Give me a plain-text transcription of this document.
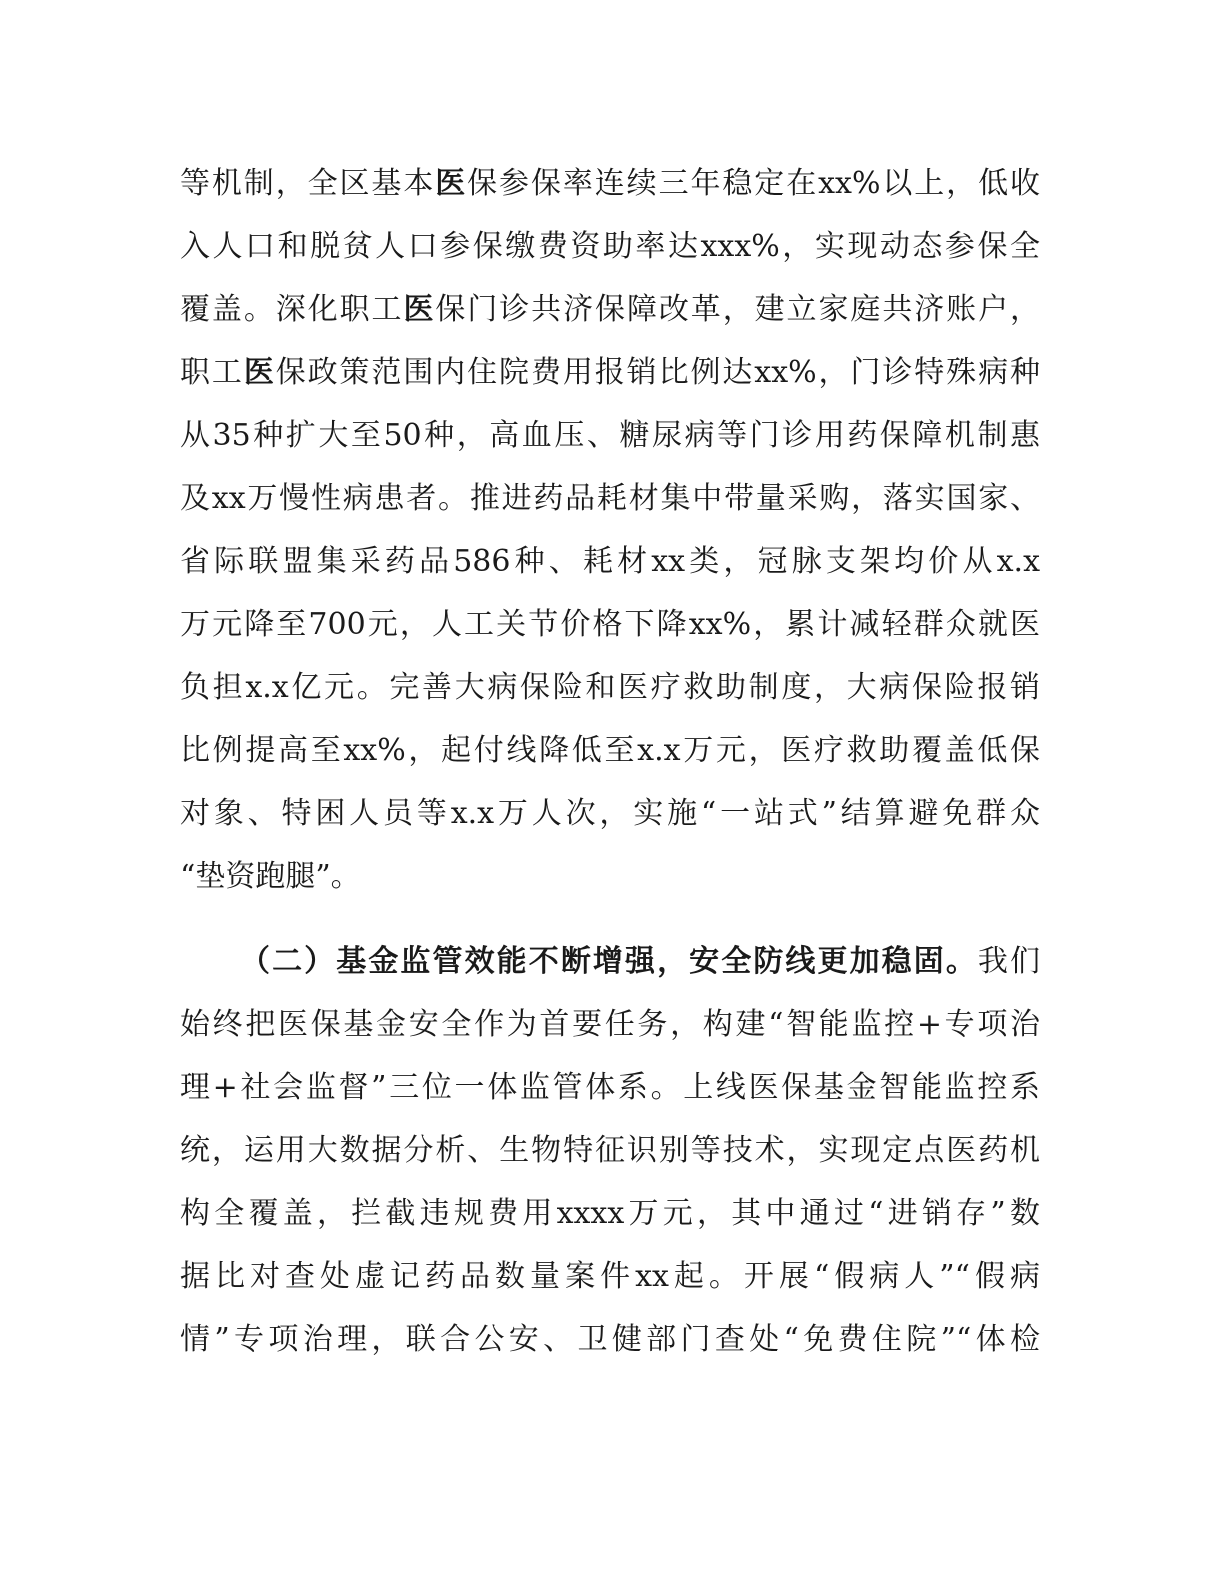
等机制，全区基本医保参保率连续三年稳定在xx%以上，低收
入人口和脱贫人口参保缴费资助率达xxx%，实现动态参保全
覆盖。深化职工医保门诊共济保障改革，建立家庭共济账户，
职工医保政策范围内住院费用报销比例达xx%，门诊特殊病种
从35种扩大至50种，高血压、糖尿病等门诊用药保障机制惠
及xx万慢性病患者。推进药品耗材集中带量采购，落实国家、
省际联盟集采药品586种、耗材xx类，冠脉支架均价从x.x
万元降至700元，人工关节价格下降xx%，累计减轻群众就医
负担x.x亿元。完善大病保险和医疗救助制度，大病保险报销
比例提高至xx%，起付线降低至x.x万元，医疗救助覆盖低保
对象、特困人员等x.x万人次，实施“一站式”结算避免群众
“垫资跑腿”。
（二）基金监管效能不断增强，安全防线更加稳固。我们
始终把医保基金安全作为首要任务，构建“智能监控+专项治
理+社会监督”三位一体监管体系。上线医保基金智能监控系
统，运用大数据分析、生物特征识别等技术，实现定点医药机
构全覆盖，拦截违规费用xxxx万元，其中通过“进销存”数
据比对查处虚记药品数量案件xx起。开展“假病人”“假病
情”专项治理，联合公安、卫健部门查处“免费住院”“体检
